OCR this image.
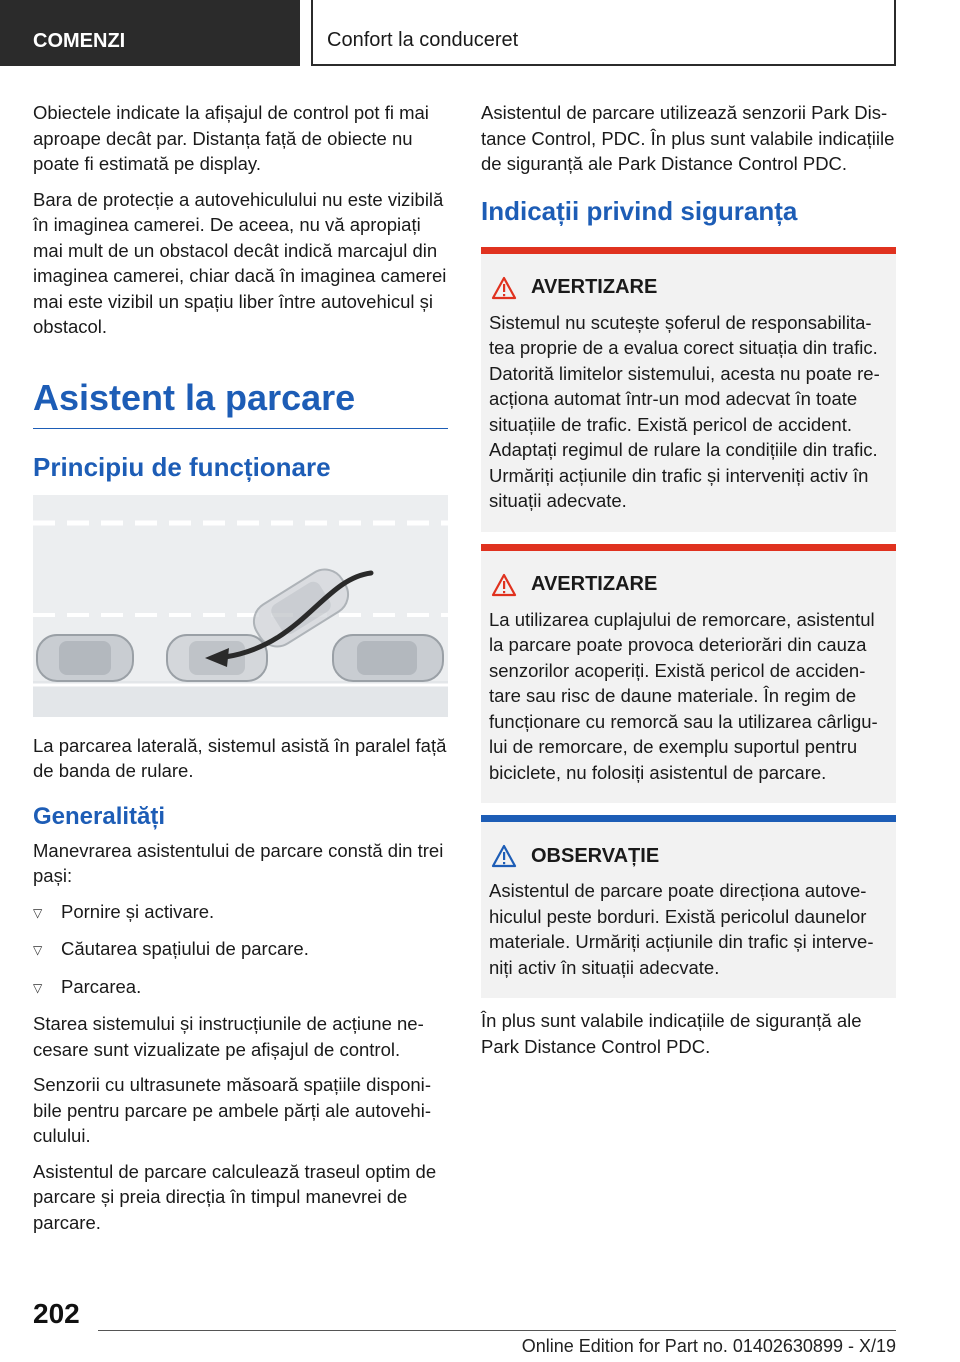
COMENZI	Confort la conduceret

Obiectele indicate la afișajul de control pot fi mai aproape decât par. Distanța față de obiecte nu poate fi estimată pe display.

Bara de protecție a autovehiculului nu este vizibilă în imaginea camerei. De aceea, nu vă apropiați mai mult de un obstacol decât indică marcajul din imaginea camerei, chiar dacă în imaginea camerei mai este vizibil un spațiu liber între autovehicul și obstacol.

Asistent la parcare
Principiu de funcționare

La parcarea laterală, sistemul asistă în paralel față de banda de rulare.

Generalități

Manevrarea asistentului de parcare constă din trei pași:

▽	Pornire și activare.
▽	Căutarea spațiului de parcare.
▽	Parcarea.

Starea sistemului și instrucțiunile de acțiune necesare sunt vizualizate pe afișajul de control.

Senzorii cu ultrasunete măsoară spațiile disponibile pentru parcare pe ambele părți ale autovehiculului.

Asistentul de parcare calculează traseul optim de parcare și preia direcția în timpul manevrei de parcare.

Asistentul de parcare utilizează senzorii Park Distance Control, PDC. În plus sunt valabile indicațiile de siguranță ale Park Distance Control PDC.

Indicații privind siguranța
AVERTIZARE

Sistemul nu scutește șoferul de responsabilitatea proprie de a evalua corect situația din trafic. Datorită limitelor sistemului, acesta nu poate reacționa automat într-un mod adecvat în toate situațiile de trafic. Există pericol de accident. Adaptați regimul de rulare la condițiile din trafic. Urmăriți acțiunile din trafic și interveniți activ în situații adecvate.

AVERTIZARE

La utilizarea cuplajului de remorcare, asistentul la parcare poate provoca deteriorări din cauza senzorilor acoperiți. Există pericol de accidentare sau risc de daune materiale. În regim de funcționare cu remorcă sau la utilizarea cârligului de remorcare, de exemplu suportul pentru biciclete, nu folosiți asistentul de parcare.

OBSERVAȚIE

Asistentul de parcare poate direcționa autovehiculul peste borduri. Există pericolul daunelor materiale. Urmăriți acțiunile din trafic și interveniți activ în situații adecvate.

În plus sunt valabile indicațiile de siguranță ale Park Distance Control PDC.

202
Online Edition for Part no. 01402630899 - X/19
